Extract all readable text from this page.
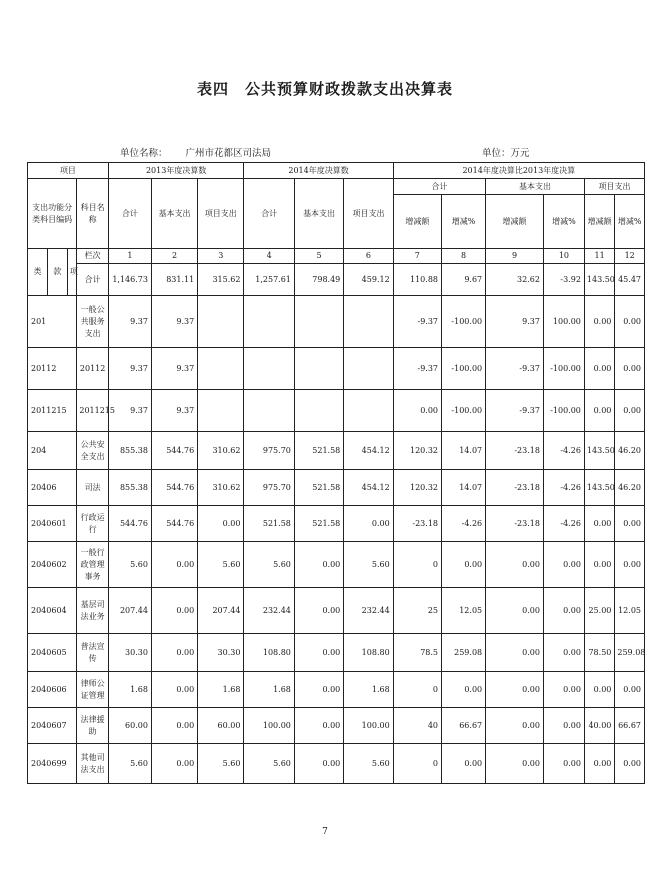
表四　公共预算财政拨款支出决算表
单位名称： 广州市花都区司法局	单位：万元
项目				2013年度决算数			2014年度决算数			2014年度决算比2013年度决算					
支出功能分类科目编码			科目名称	合计	基本支出	项目支出	合计	基本支出	项目支出	合计		基本支出		项目支出	
										增减额	增减%	增减额	增减%	增减额	增减%
类	款	项	栏次	1	2	3	4	5	6	7	8	9	10	11	12
			合计	1,146.73	831.11	315.62	1,257.61	798.49	459.12	110.88	9.67	32.62	-3.92	143.50	45.47
201			一般公共服务支出	9.37	9.37					-9.37	-100.00	9.37	100.00	0.00	0.00
20112			20112	9.37	9.37					-9.37	-100.00	-9.37	-100.00	0.00	0.00
2011215			2011215	9.37	9.37					0.00	-100.00	-9.37	-100.00	0.00	0.00
204			公共安全支出	855.38	544.76	310.62	975.70	521.58	454.12	120.32	14.07	-23.18	-4.26	143.50	46.20
20406			司法	855.38	544.76	310.62	975.70	521.58	454.12	120.32	14.07	-23.18	-4.26	143.50	46.20
2040601			行政运行	544.76	544.76	0.00	521.58	521.58	0.00	-23.18	-4.26	-23.18	-4.26	0.00	0.00
2040602			一般行政管理事务	5.60	0.00	5.60	5.60	0.00	5.60	0	0.00	0.00	0.00	0.00	0.00
2040604			基层司法业务	207.44	0.00	207.44	232.44	0.00	232.44	25	12.05	0.00	0.00	25.00	12.05
2040605			普法宣传	30.30	0.00	30.30	108.80	0.00	108.80	78.5	259.08	0.00	0.00	78.50	259.08
2040606			律师公证管理	1.68	0.00	1.68	1.68	0.00	1.68	0	0.00	0.00	0.00	0.00	0.00
2040607			法律援助	60.00	0.00	60.00	100.00	0.00	100.00	40	66.67	0.00	0.00	40.00	66.67
2040699			其他司法支出	5.60	0.00	5.60	5.60	0.00	5.60	0	0.00	0.00	0.00	0.00	0.00
7
